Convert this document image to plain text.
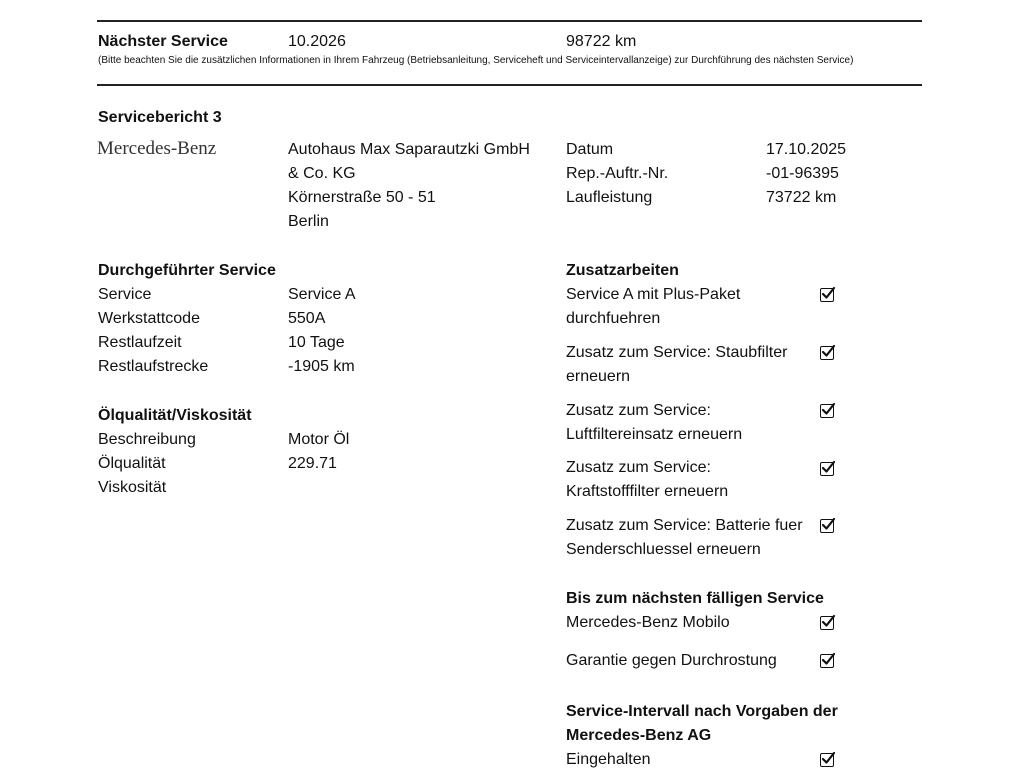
Nächster Service	10.2026	98722 km
(Bitte beachten Sie die zusätzlichen Informationen in Ihrem Fahrzeug (Betriebsanleitung, Serviceheft und Serviceintervallanzeige) zur Durchführung des nächsten Service)
Servicebericht 3
Mercedes-Benz	Autohaus Max Saparautzki GmbH
& Co. KG
Körnerstraße 50 - 51
Berlin
Datum	17.10.2025
Rep.-Auftr.-Nr.	-01-96395
Laufleistung	73722 km
Durchgeführter Service
Service	Service A
Werkstattcode	550A
Restlaufzeit	10 Tage
Restlaufstrecke	-1905 km
Ölqualität/Viskosität
Beschreibung	Motor Öl
Ölqualität	229.71
Viskosität
Zusatzarbeiten
Service A mit Plus-Paket durchfuehren
Zusatz zum Service: Staubfilter erneuern
Zusatz zum Service: Luftfiltereinsatz erneuern
Zusatz zum Service: Kraftstofffilter erneuern
Zusatz zum Service: Batterie fuer Senderschluessel erneuern
Bis zum nächsten fälligen Service
Mercedes-Benz Mobilo
Garantie gegen Durchrostung
Service-Intervall nach Vorgaben der Mercedes-Benz AG
Eingehalten
